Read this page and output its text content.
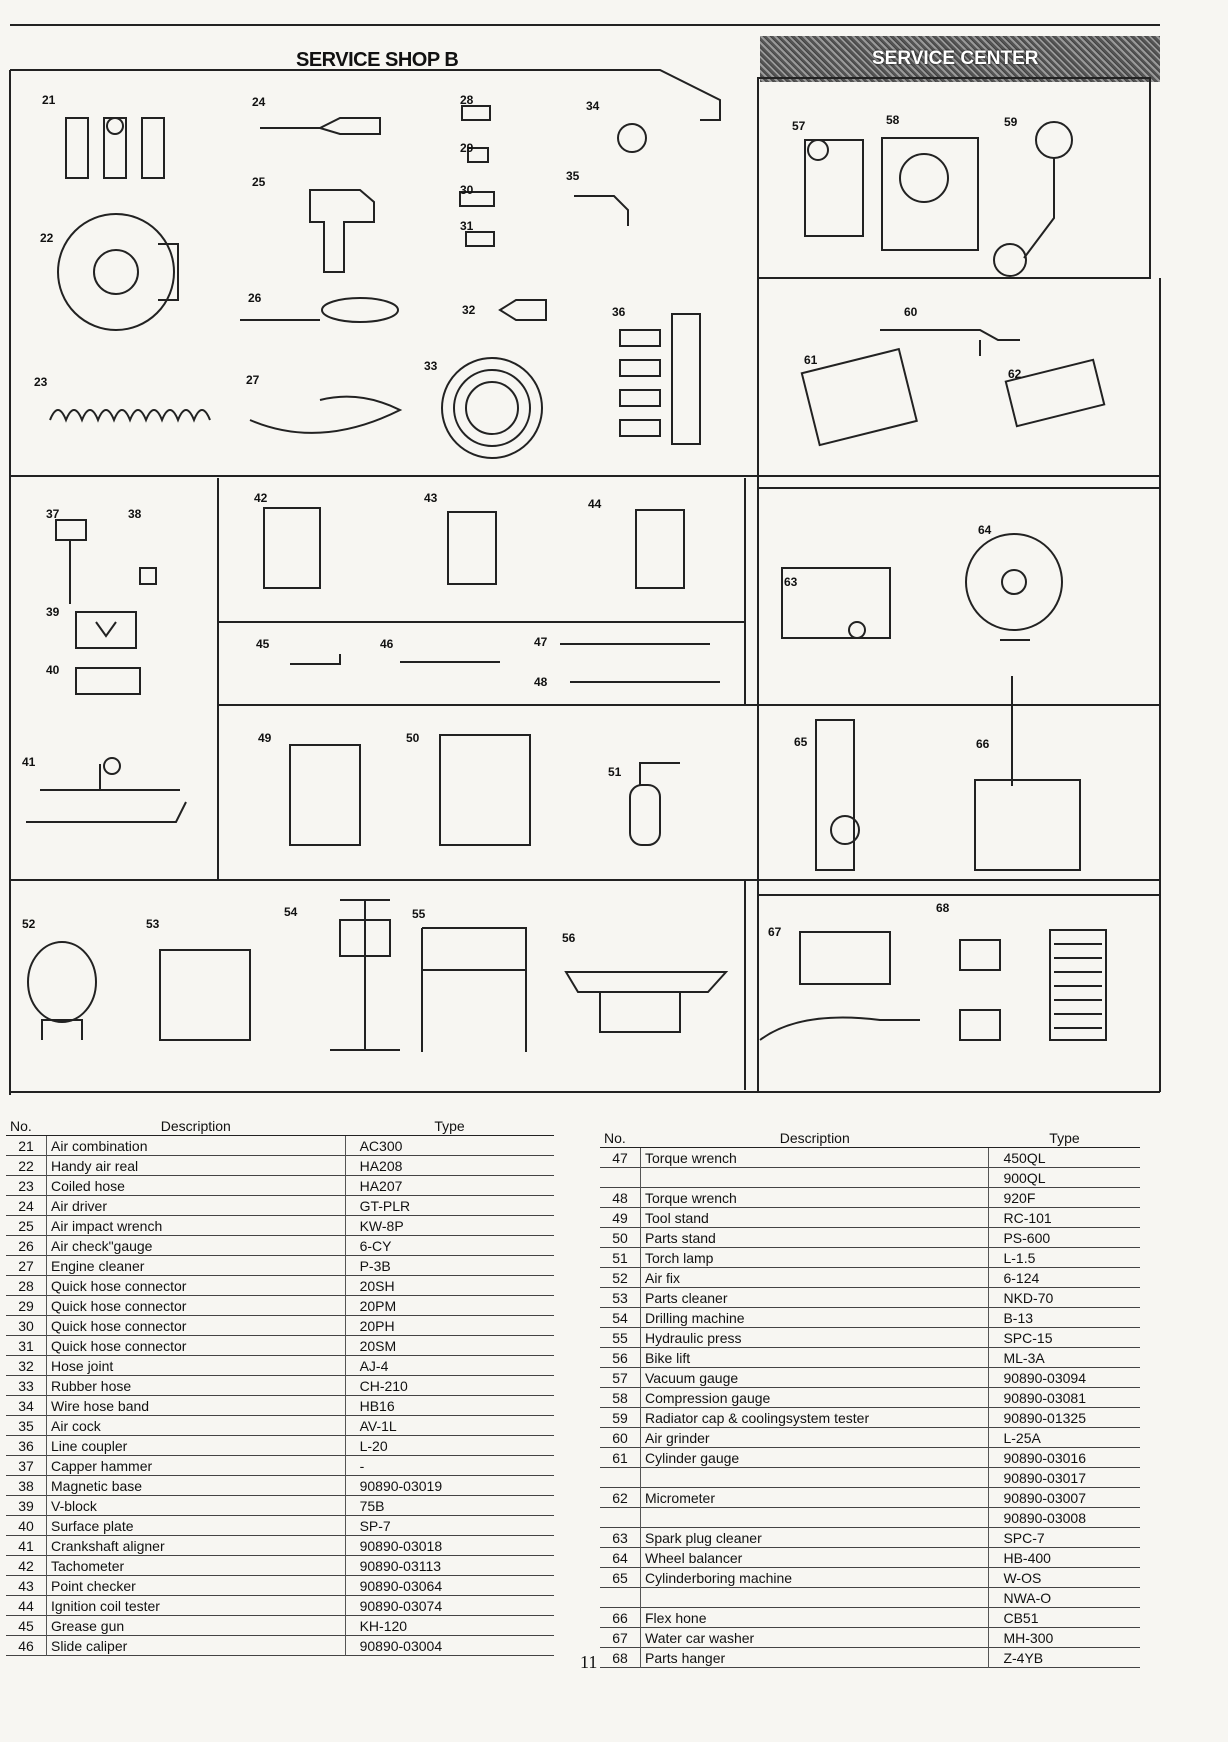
SERVICE SHOP B	SERVICE CENTER
21
22
23
24
25
26
27
28
29
30
31
32
33
34
35
36
37	38
39
40
41
42	43	44
45	46	47
48
49	50
51
52	53
54	55
56
57	58	59
60
61
62
63
64
65	66
67
68
No.	Description	Type
21	Air combination	AC300
22	Handy air real	HA208
23	Coiled hose	HA207
24	Air driver	GT-PLR
25	Air impact wrench	KW-8P
26	Air check"gauge	6-CY
27	Engine cleaner	P-3B
28	Quick hose connector	20SH
29	Quick hose connector	20PM
30	Quick hose connector	20PH
31	Quick hose connector	20SM
32	Hose joint	AJ-4
33	Rubber hose	CH-210
34	Wire hose band	HB16
35	Air cock	AV-1L
36	Line coupler	L-20
37	Capper hammer	-
38	Magnetic base	90890-03019
39	V-block	75B
40	Surface plate	SP-7
41	Crankshaft aligner	90890-03018
42	Tachometer	90890-03113
43	Point checker	90890-03064
44	Ignition coil tester	90890-03074
45	Grease gun	KH-120
46	Slide caliper	90890-03004
No.	Description	Type
47	Torque wrench	450QL
		900QL
48	Torque wrench	920F
49	Tool stand	RC-101
50	Parts stand	PS-600
51	Torch lamp	L-1.5
52	Air fix	6-124
53	Parts cleaner	NKD-70
54	Drilling machine	B-13
55	Hydraulic press	SPC-15
56	Bike lift	ML-3A
57	Vacuum gauge	90890-03094
58	Compression gauge	90890-03081
59	Radiator cap & coolingsystem tester	90890-01325
60	Air grinder	L-25A
61	Cylinder gauge	90890-03016
		90890-03017
62	Micrometer	90890-03007
		90890-03008
63	Spark plug cleaner	SPC-7
64	Wheel balancer	HB-400
65	Cylinderboring machine	W-OS
		NWA-O
66	Flex hone	CB51
67	Water car washer	MH-300
68	Parts hanger	Z-4YB
11
